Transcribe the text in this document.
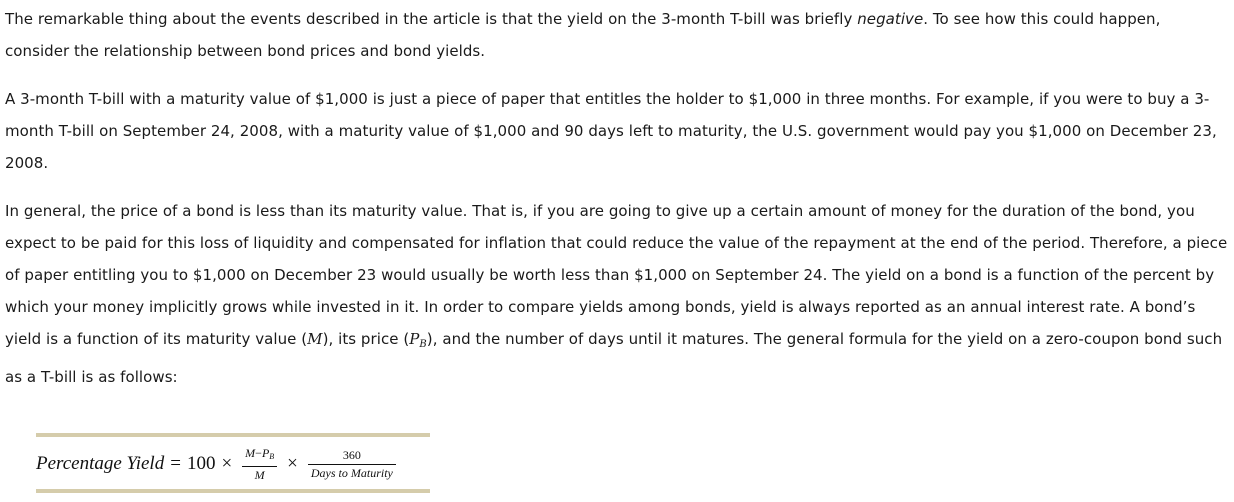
The remarkable thing about the events described in the article is that the yield on the 3-month T-bill was briefly negative. To see how this could happen, consider the relationship between bond prices and bond yields.

A 3-month T-bill with a maturity value of $1,000 is just a piece of paper that entitles the holder to $1,000 in three months. For example, if you were to buy a 3-month T-bill on September 24, 2008, with a maturity value of $1,000 and 90 days left to maturity, the U.S. government would pay you $1,000 on December 23, 2008.

In general, the price of a bond is less than its maturity value. That is, if you are going to give up a certain amount of money for the duration of the bond, you expect to be paid for this loss of liquidity and compensated for inflation that could reduce the value of the repayment at the end of the period. Therefore, a piece of paper entitling you to $1,000 on December 23 would usually be worth less than $1,000 on September 24. The yield on a bond is a function of the percent by which your money implicitly grows while invested in it. In order to compare yields among bonds, yield is always reported as an annual interest rate. A bond’s yield is a function of its maturity value (M), its price $(P_B)$, and the number of days until it matures. The general formula for the yield on a zero-coupon bond such as a T-bill is as follows:

Percentage Yield = $100 \times \frac{M-PB}{M} \times \frac{360}{\text{Days to Maturity}}$
